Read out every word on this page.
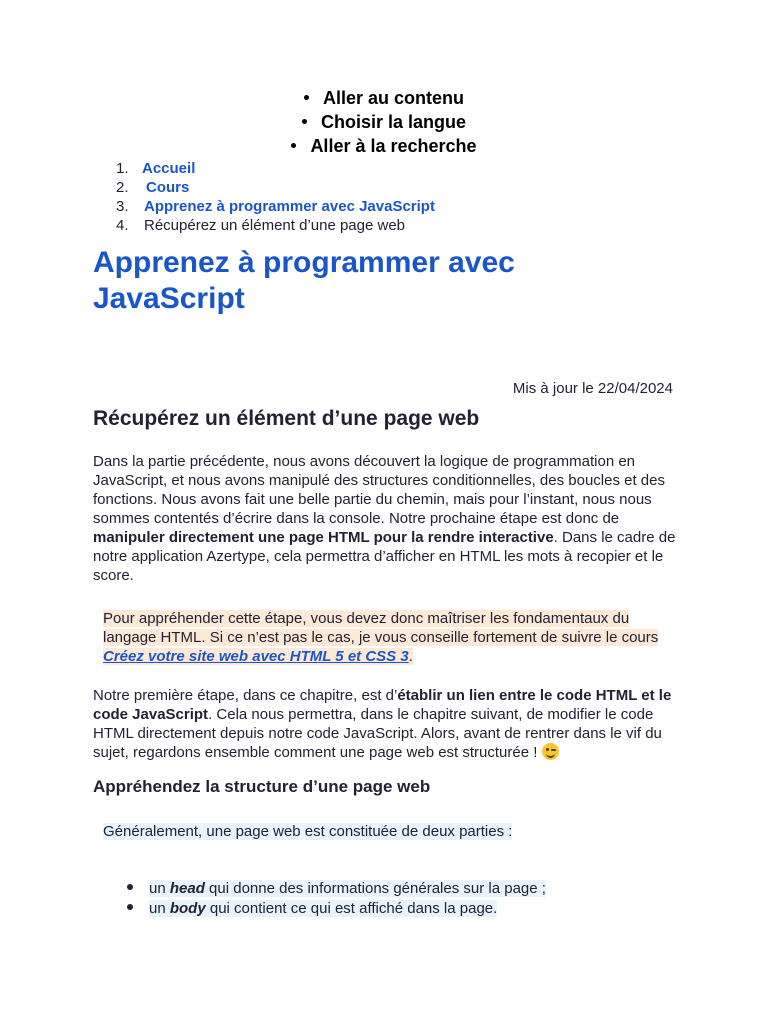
Aller au contenu
Choisir la langue
Aller à la recherche
1. Accueil
2. Cours
3. Apprenez à programmer avec JavaScript
4. Récupérez un élément d’une page web
Apprenez à programmer avec JavaScript
Mis à jour le 22/04/2024
Récupérez un élément d’une page web

Dans la partie précédente, nous avons découvert la logique de programmation en JavaScript, et nous avons manipulé des structures conditionnelles, des boucles et des fonctions. Nous avons fait une belle partie du chemin, mais pour l’instant, nous nous sommes contentés d’écrire dans la console. Notre prochaine étape est donc de manipuler directement une page HTML pour la rendre interactive. Dans le cadre de notre application Azertype, cela permettra d’afficher en HTML les mots à recopier et le score.

Pour appréhender cette étape, vous devez donc maîtriser les fondamentaux du langage HTML. Si ce n’est pas le cas, je vous conseille fortement de suivre le cours Créez votre site web avec HTML 5 et CSS 3.

Notre première étape, dans ce chapitre, est d’établir un lien entre le code HTML et le code JavaScript. Cela nous permettra, dans le chapitre suivant, de modifier le code HTML directement depuis notre code JavaScript. Alors, avant de rentrer dans le vif du sujet, regardons ensemble comment une page web est structurée !

Appréhendez la structure d’une page web

Généralement, une page web est constituée de deux parties :

un head qui donne des informations générales sur la page ;
un body qui contient ce qui est affiché dans la page.
